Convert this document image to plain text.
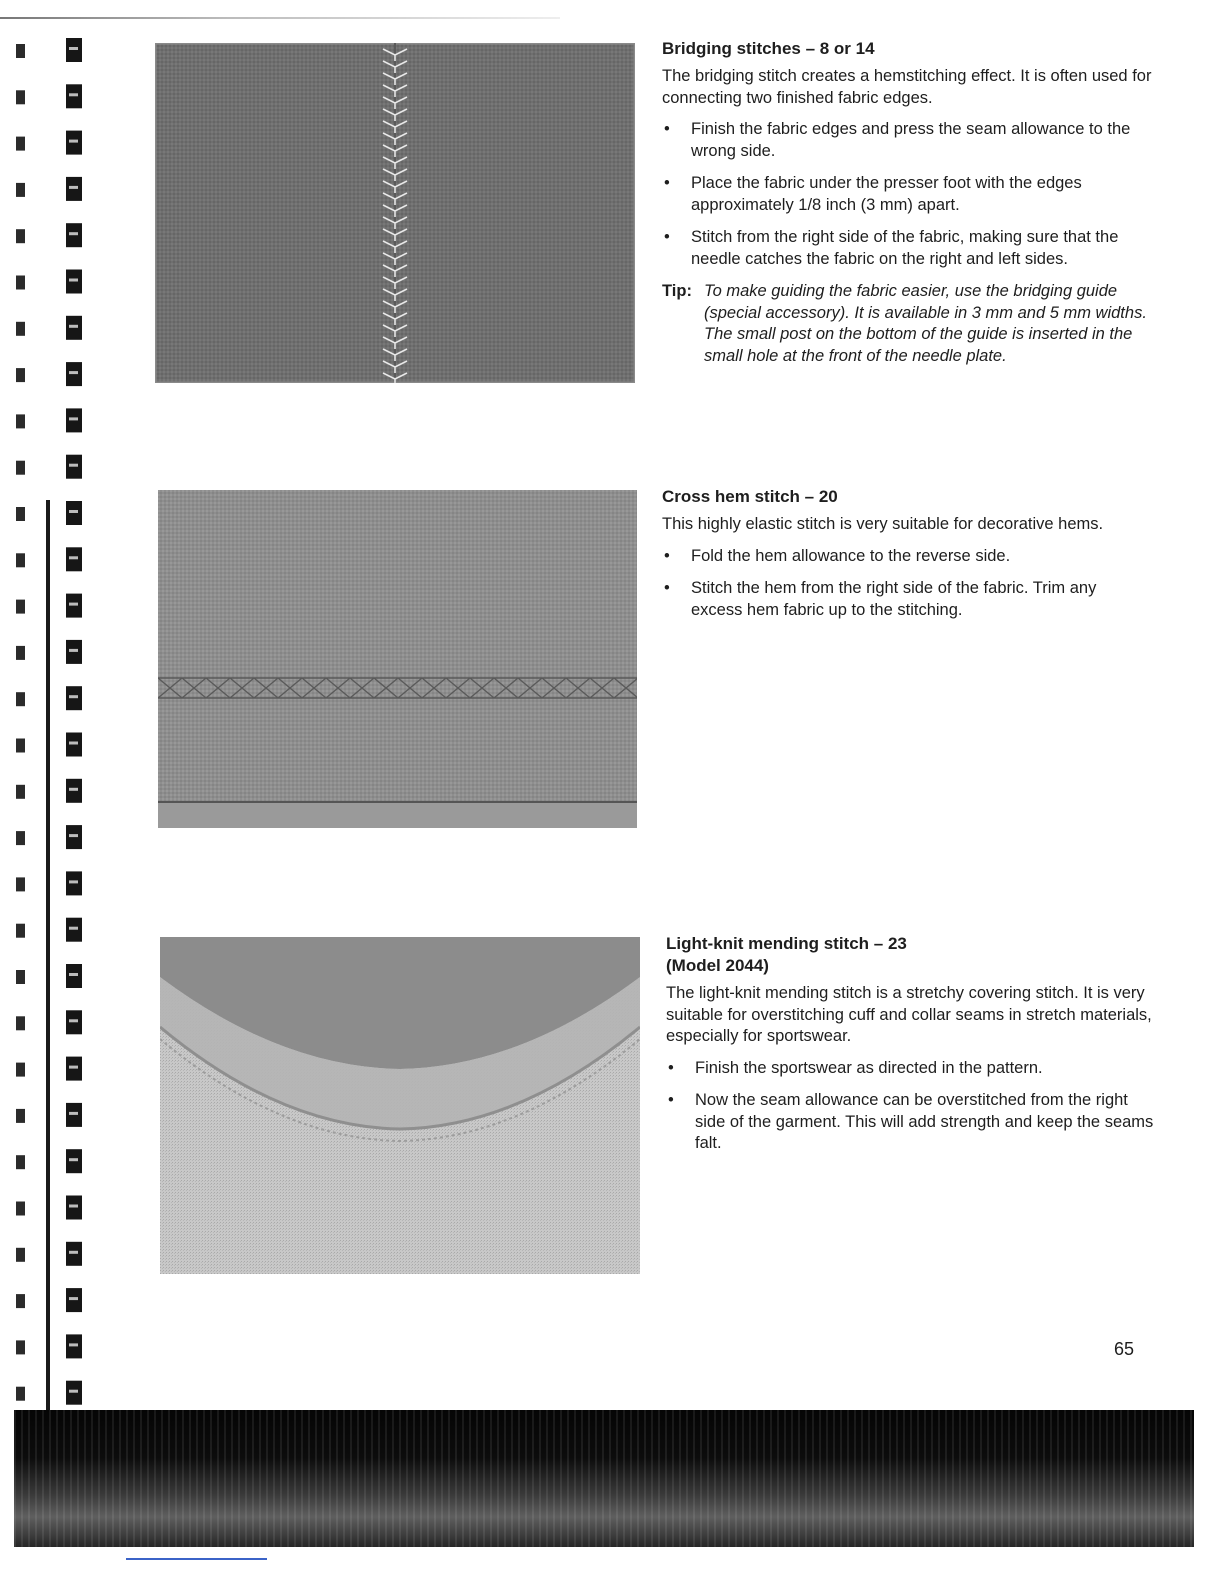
Bridging stitches – 8 or 14

The bridging stitch creates a hemstitching effect. It is often used for connecting two finished fabric edges.

• Finish the fabric edges and press the seam allowance to the wrong side.
• Place the fabric under the presser foot with the edges approximately 1/8 inch (3 mm) apart.
• Stitch from the right side of the fabric, making sure that the needle catches the fabric on the right and left sides.
Tip: To make guiding the fabric easier, use the bridging guide (special accessory). It is available in 3 mm and 5 mm widths. The small post on the bottom of the guide is inserted in the small hole at the front of the needle plate.
Cross hem stitch – 20

This highly elastic stitch is very suitable for decorative hems.

• Fold the hem allowance to the reverse side.
• Stitch the hem from the right side of the fabric. Trim any excess hem fabric up to the stitching.
Light-knit mending stitch – 23
(Model 2044)

The light-knit mending stitch is a stretchy covering stitch. It is very suitable for overstitching cuff and collar seams in stretch materials, especially for sportswear.

• Finish the sportswear as directed in the pattern.
• Now the seam allowance can be overstitched from the right side of the garment. This will add strength and keep the seams falt.
65
